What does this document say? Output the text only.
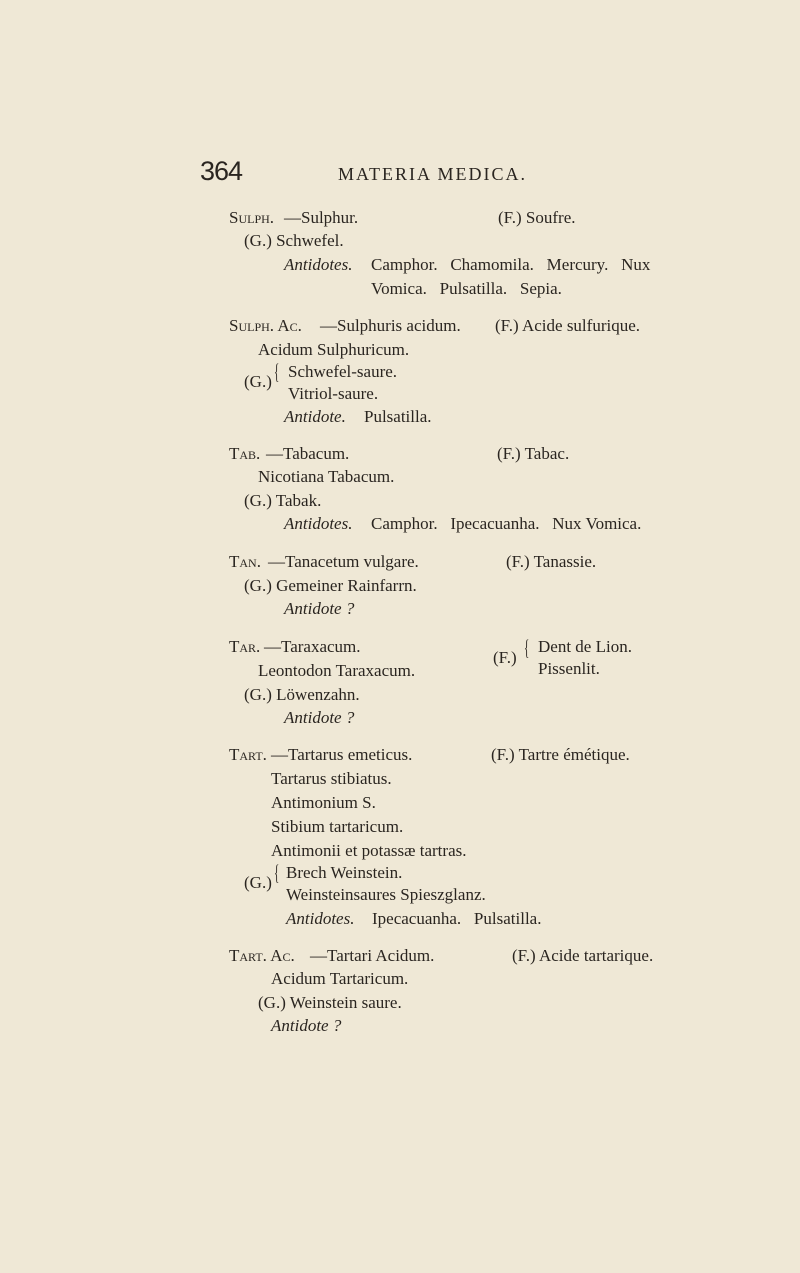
364	MATERIA MEDICA.
Sulph. —Sulphur.	(F.) Soufre.
(G.) Schwefel.
Antidotes. Camphor.   Chamomila.   Mercury.   Nux
Vomica.   Pulsatilla.   Sepia.
Sulph. Ac. —Sulphuris acidum. (F.) Acide sulfurique.
Acidum Sulphuricum.
(G.) { Schwefel-saure.
Vitriol-saure.
Antidote. Pulsatilla.
Tab. —Tabacum.	(F.) Tabac.
Nicotiana Tabacum.
(G.) Tabak.
Antidotes. Camphor.   Ipecacuanha.   Nux Vomica.
Tan. —Tanacetum vulgare.	(F.) Tanassie.
(G.) Gemeiner Rainfarrn.
Antidote ?
Tar. —Taraxacum.
(F.) { Dent de Lion.
Pissenlit.
Leontodon Taraxacum.
(G.) Löwenzahn.
Antidote ?
Tart. —Tartarus emeticus.	(F.) Tartre émétique.
Tartarus stibiatus.
Antimonium S.
Stibium tartaricum.
Antimonii et potassæ tartras.
(G.) { Brech Weinstein.
Weinsteinsaures Spieszglanz.
Antidotes. Ipecacuanha.   Pulsatilla.
Tart. Ac. —Tartari Acidum.	(F.) Acide tartarique.
Acidum Tartaricum.
(G.) Weinstein saure.
Antidote ?
